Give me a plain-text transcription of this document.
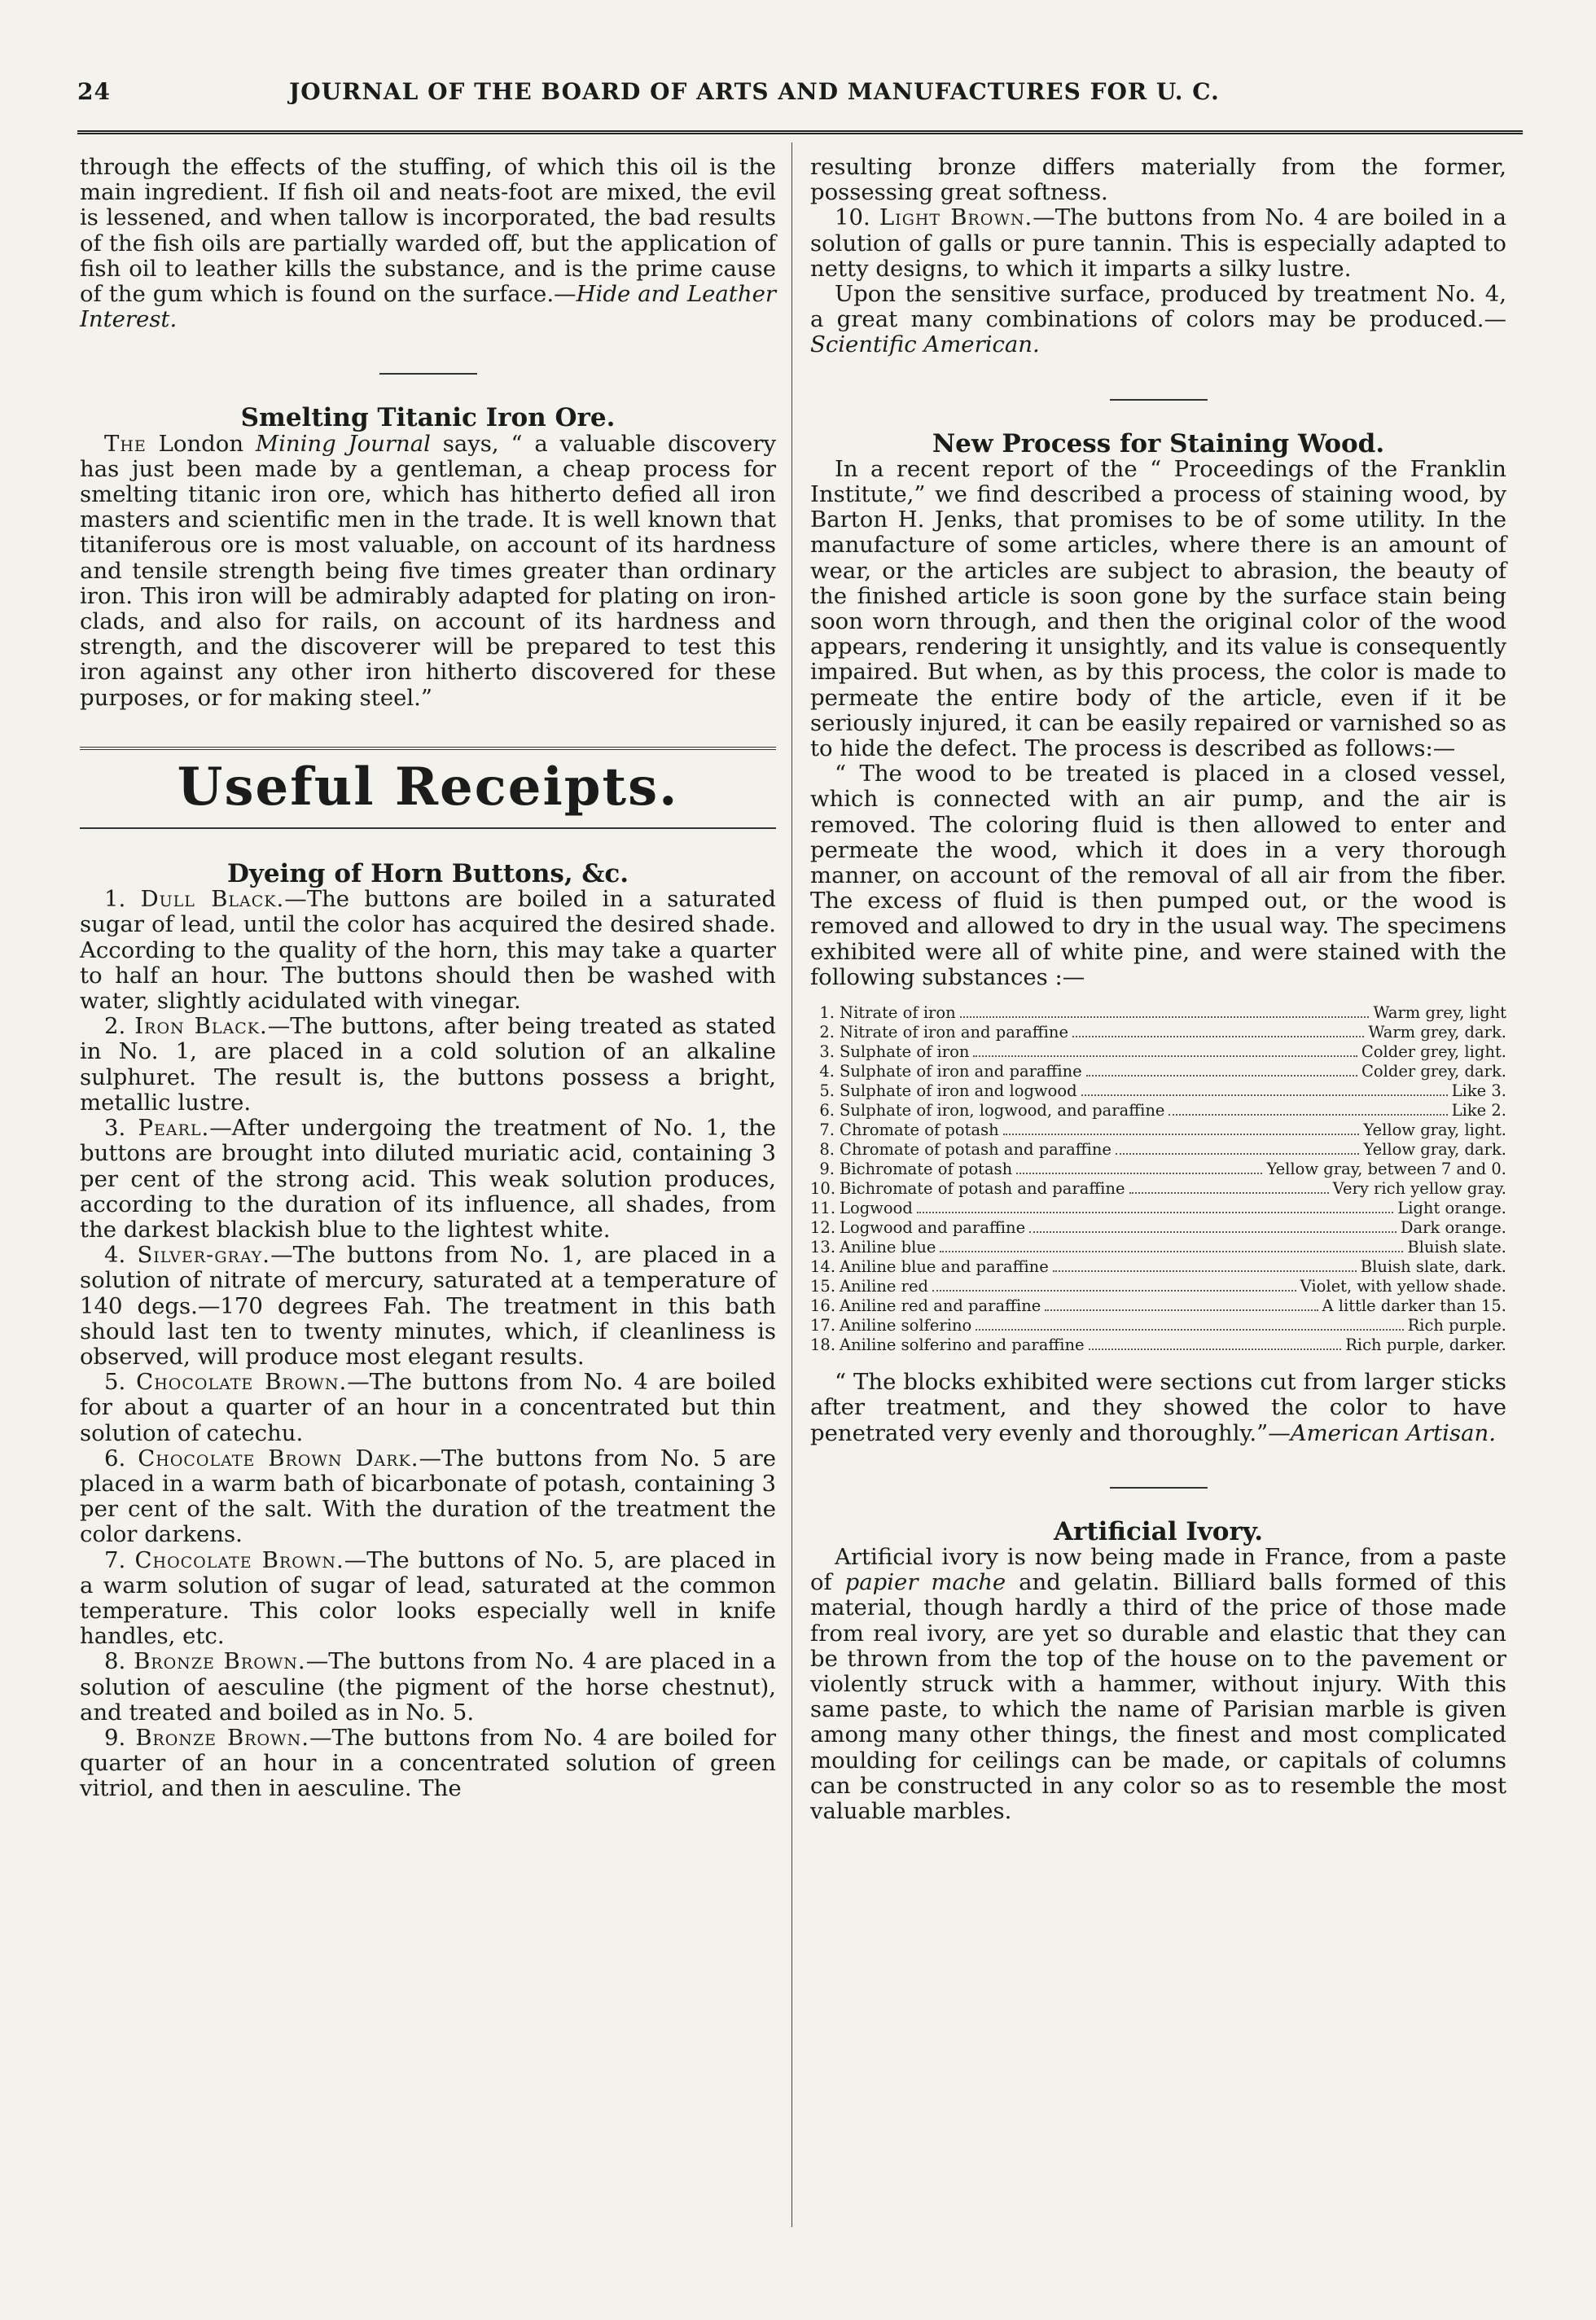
24	JOURNAL OF THE BOARD OF ARTS AND MANUFACTURES FOR U. C.

through the effects of the stuffing, of which this oil is the main ingredient. If fish oil and neats-foot are mixed, the evil is lessened, and when tallow is incorporated, the bad results of the fish oils are partially warded off, but the application of fish oil to leather kills the substance, and is the prime cause of the gum which is found on the surface.—Hide and Leather Interest.

Smelting Titanic Iron Ore.

The London Mining Journal says, “ a valuable discovery has just been made by a gentleman, a cheap process for smelting titanic iron ore, which has hitherto defied all iron masters and scientific men in the trade. It is well known that titaniferous ore is most valuable, on account of its hardness and tensile strength being five times greater than ordinary iron. This iron will be admirably adapted for plating on iron-clads, and also for rails, on account of its hardness and strength, and the discoverer will be prepared to test this iron against any other iron hitherto discovered for these purposes, or for making steel.”

Useful Receipts.

Dyeing of Horn Buttons, &c.

1. Dull Black.—The buttons are boiled in a saturated sugar of lead, until the color has acquired the desired shade. According to the quality of the horn, this may take a quarter to half an hour. The buttons should then be washed with water, slightly acidulated with vinegar.

2. Iron Black.—The buttons, after being treated as stated in No. 1, are placed in a cold solution of an alkaline sulphuret. The result is, the buttons possess a bright, metallic lustre.

3. Pearl.—After undergoing the treatment of No. 1, the buttons are brought into diluted muriatic acid, containing 3 per cent of the strong acid. This weak solution produces, according to the duration of its influence, all shades, from the darkest blackish blue to the lightest white.

4. Silver-gray.—The buttons from No. 1, are placed in a solution of nitrate of mercury, saturated at a temperature of 140 degs.—170 degrees Fah. The treatment in this bath should last ten to twenty minutes, which, if cleanliness is observed, will produce most elegant results.

5. Chocolate Brown.—The buttons from No. 4 are boiled for about a quarter of an hour in a concentrated but thin solution of catechu.

6. Chocolate Brown Dark.—The buttons from No. 5 are placed in a warm bath of bicarbonate of potash, containing 3 per cent of the salt. With the duration of the treatment the color darkens.

7. Chocolate Brown.—The buttons of No. 5, are placed in a warm solution of sugar of lead, saturated at the common temperature. This color looks especially well in knife handles, etc.

8. Bronze Brown.—The buttons from No. 4 are placed in a solution of aesculine (the pigment of the horse chestnut), and treated and boiled as in No. 5.

9. Bronze Brown.—The buttons from No. 4 are boiled for quarter of an hour in a concentrated solution of green vitriol, and then in aesculine. The

resulting bronze differs materially from the former, possessing great softness.

10. Light Brown.—The buttons from No. 4 are boiled in a solution of galls or pure tannin. This is especially adapted to netty designs, to which it imparts a silky lustre.

Upon the sensitive surface, produced by treatment No. 4, a great many combinations of colors may be produced.—Scientific American.

New Process for Staining Wood.

In a recent report of the “ Proceedings of the Franklin Institute,” we find described a process of staining wood, by Barton H. Jenks, that promises to be of some utility. In the manufacture of some articles, where there is an amount of wear, or the articles are subject to abrasion, the beauty of the finished article is soon gone by the surface stain being soon worn through, and then the original color of the wood appears, rendering it unsightly, and its value is consequently impaired. But when, as by this process, the color is made to permeate the entire body of the article, even if it be seriously injured, it can be easily repaired or varnished so as to hide the defect. The process is described as follows:—

“ The wood to be treated is placed in a closed vessel, which is connected with an air pump, and the air is removed. The coloring fluid is then allowed to enter and permeate the wood, which it does in a very thorough manner, on account of the removal of all air from the fiber. The excess of fluid is then pumped out, or the wood is removed and allowed to dry in the usual way. The specimens exhibited were all of white pine, and were stained with the following substances :—

1. Nitrate of iron	Warm grey, light
2. Nitrate of iron and paraffine	Warm grey, dark.
3. Sulphate of iron	Colder grey, light.
4. Sulphate of iron and paraffine	Colder grey, dark.
5. Sulphate of iron and logwood	Like 3.
6. Sulphate of iron, logwood, and paraffine	Like 2.
7. Chromate of potash	Yellow gray, light.
8. Chromate of potash and paraffine	Yellow gray, dark.
9. Bichromate of potash	Yellow gray, between 7 and 0.
10. Bichromate of potash and paraffine	Very rich yellow gray.
11. Logwood	Light orange.
12. Logwood and paraffine	Dark orange.
13. Aniline blue	Bluish slate.
14. Aniline blue and paraffine	Bluish slate, dark.
15. Aniline red	Violet, with yellow shade.
16. Aniline red and paraffine	A little darker than 15.
17. Aniline solferino	Rich purple.
18. Aniline solferino and paraffine	Rich purple, darker.

“ The blocks exhibited were sections cut from larger sticks after treatment, and they showed the color to have penetrated very evenly and thoroughly.”—American Artisan.

Artificial Ivory.

Artificial ivory is now being made in France, from a paste of papier mache and gelatin. Billiard balls formed of this material, though hardly a third of the price of those made from real ivory, are yet so durable and elastic that they can be thrown from the top of the house on to the pavement or violently struck with a hammer, without injury. With this same paste, to which the name of Parisian marble is given among many other things, the finest and most complicated moulding for ceilings can be made, or capitals of columns can be constructed in any color so as to resemble the most valuable marbles.
